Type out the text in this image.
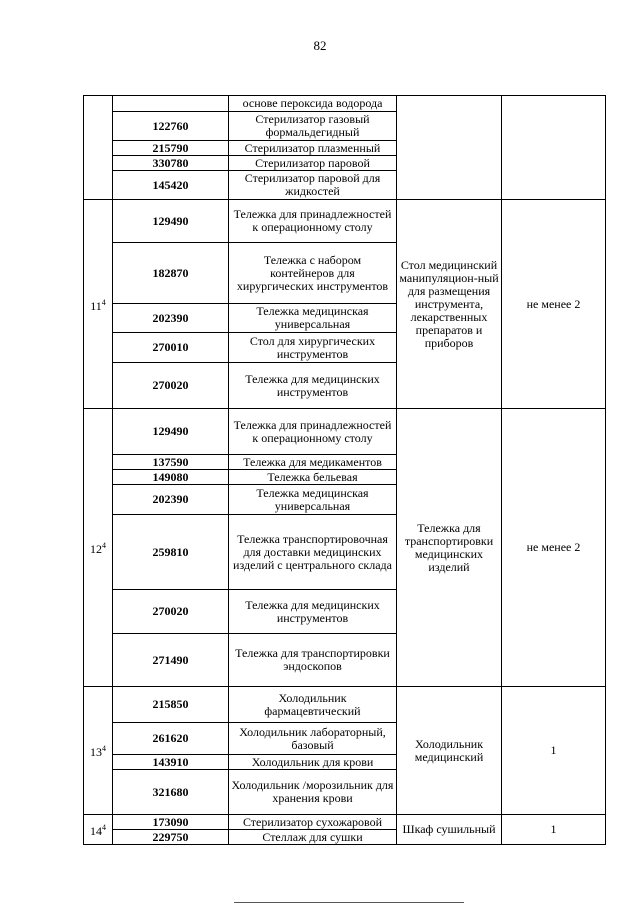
82
		основе пероксида водорода		
	122760	Стерилизатор газовый формальдегидный		
	215790	Стерилизатор плазменный		
	330780	Стерилизатор паровой		
	145420	Стерилизатор паровой для жидкостей		
$11^4$	129490	Тележка для принадлежностей к операционному столу	Стол медицинский манипуляцион-ный для размещения инструмента, лекарственных препаратов и приборов	не менее 2
	182870	Тележка с набором контейнеров для хирургических инструментов		
	202390	Тележка медицинская универсальная		
	270010	Стол для хирургических инструментов		
	270020	Тележка для медицинских инструментов		
$12^4$	129490	Тележка для принадлежностей к операционному столу	Тележка для транспортировки медицинских изделий	не менее 2
	137590	Тележка для медикаментов		
	149080	Тележка бельевая		
	202390	Тележка медицинская универсальная		
	259810	Тележка транспортировочная для доставки медицинских изделий с центрального склада		
	270020	Тележка для медицинских инструментов		
	271490	Тележка для транспортировки эндоскопов		
$13^4$	215850	Холодильник фармацевтический	Холодильник медицинский	1
	261620	Холодильник лабораторный, базовый		
	143910	Холодильник для крови		
	321680	Холодильник /морозильник для хранения крови		
$14^4$	173090	Стерилизатор сухожаровой	Шкаф сушильный	1
	229750	Стеллаж для сушки		
